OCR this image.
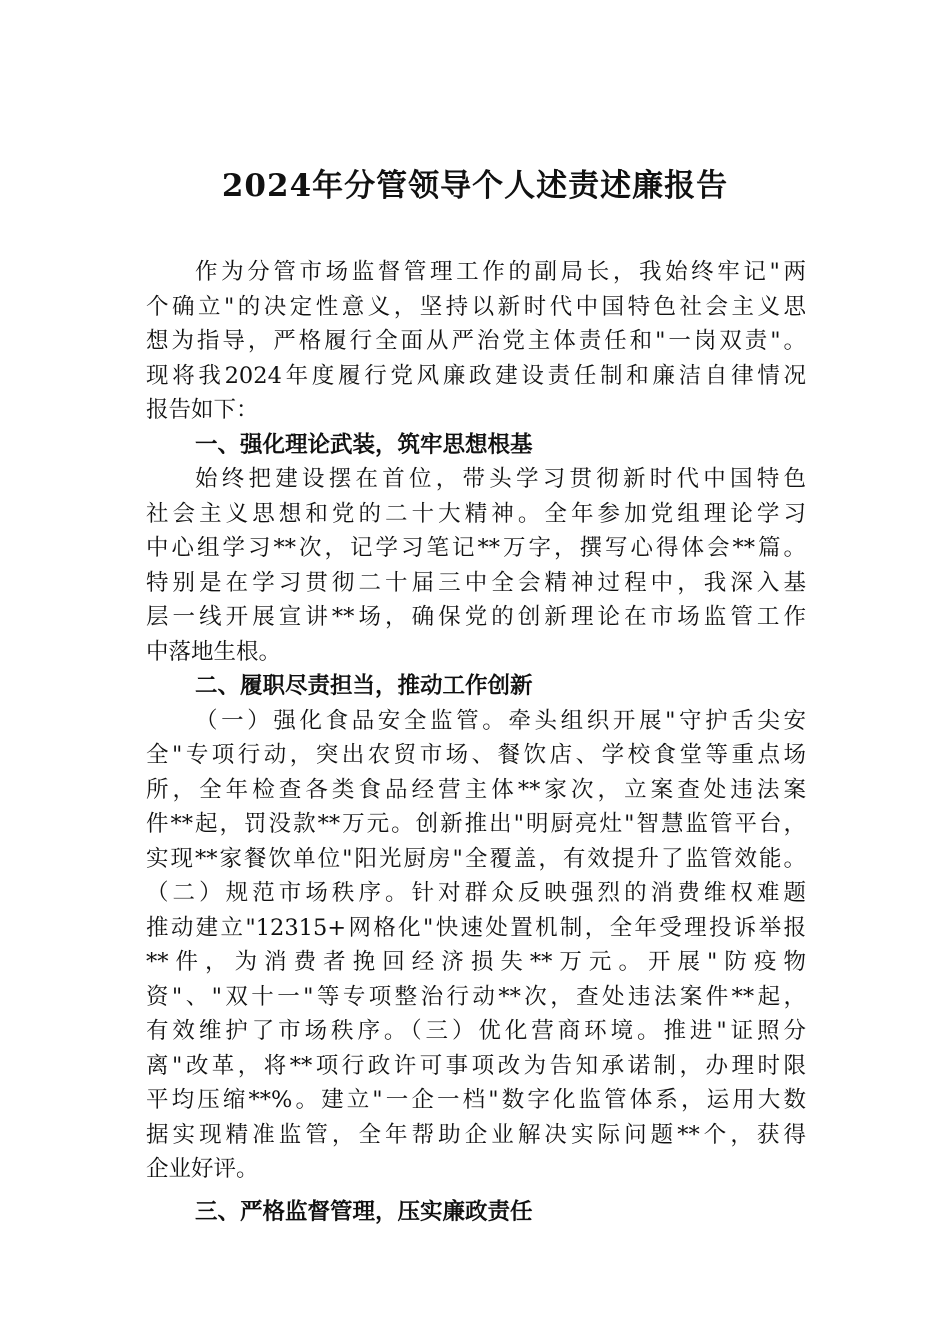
2024年分管领导个人述责述廉报告
作为分管市场监督管理工作的副局长，我始终牢记"两
个确立"的决定性意义，坚持以新时代中国特色社会主义思
想为指导，严格履行全面从严治党主体责任和"一岗双责"。
现将我2024年度履行党风廉政建设责任制和廉洁自律情况
报告如下：
一、强化理论武装，筑牢思想根基
始终把建设摆在首位，带头学习贯彻新时代中国特色
社会主义思想和党的二十大精神。全年参加党组理论学习
中心组学习**次，记学习笔记**万字，撰写心得体会**篇。
特别是在学习贯彻二十届三中全会精神过程中，我深入基
层一线开展宣讲**场，确保党的创新理论在市场监管工作
中落地生根。
二、履职尽责担当，推动工作创新
（一）强化食品安全监管。牵头组织开展"守护舌尖安
全"专项行动，突出农贸市场、餐饮店、学校食堂等重点场
所，全年检查各类食品经营主体**家次，立案查处违法案
件**起，罚没款**万元。创新推出"明厨亮灶"智慧监管平台，
实现**家餐饮单位"阳光厨房"全覆盖，有效提升了监管效能。
（二）规范市场秩序。针对群众反映强烈的消费维权难题
推动建立"12315+网格化"快速处置机制，全年受理投诉举报
**件，为消费者挽回经济损失**万元。开展"防疫物
资"、"双十一"等专项整治行动**次，查处违法案件**起，
有效维护了市场秩序。（三）优化营商环境。推进"证照分
离"改革，将**项行政许可事项改为告知承诺制，办理时限
平均压缩**%。建立"一企一档"数字化监管体系，运用大数
据实现精准监管，全年帮助企业解决实际问题**个，获得
企业好评。
三、严格监督管理，压实廉政责任
